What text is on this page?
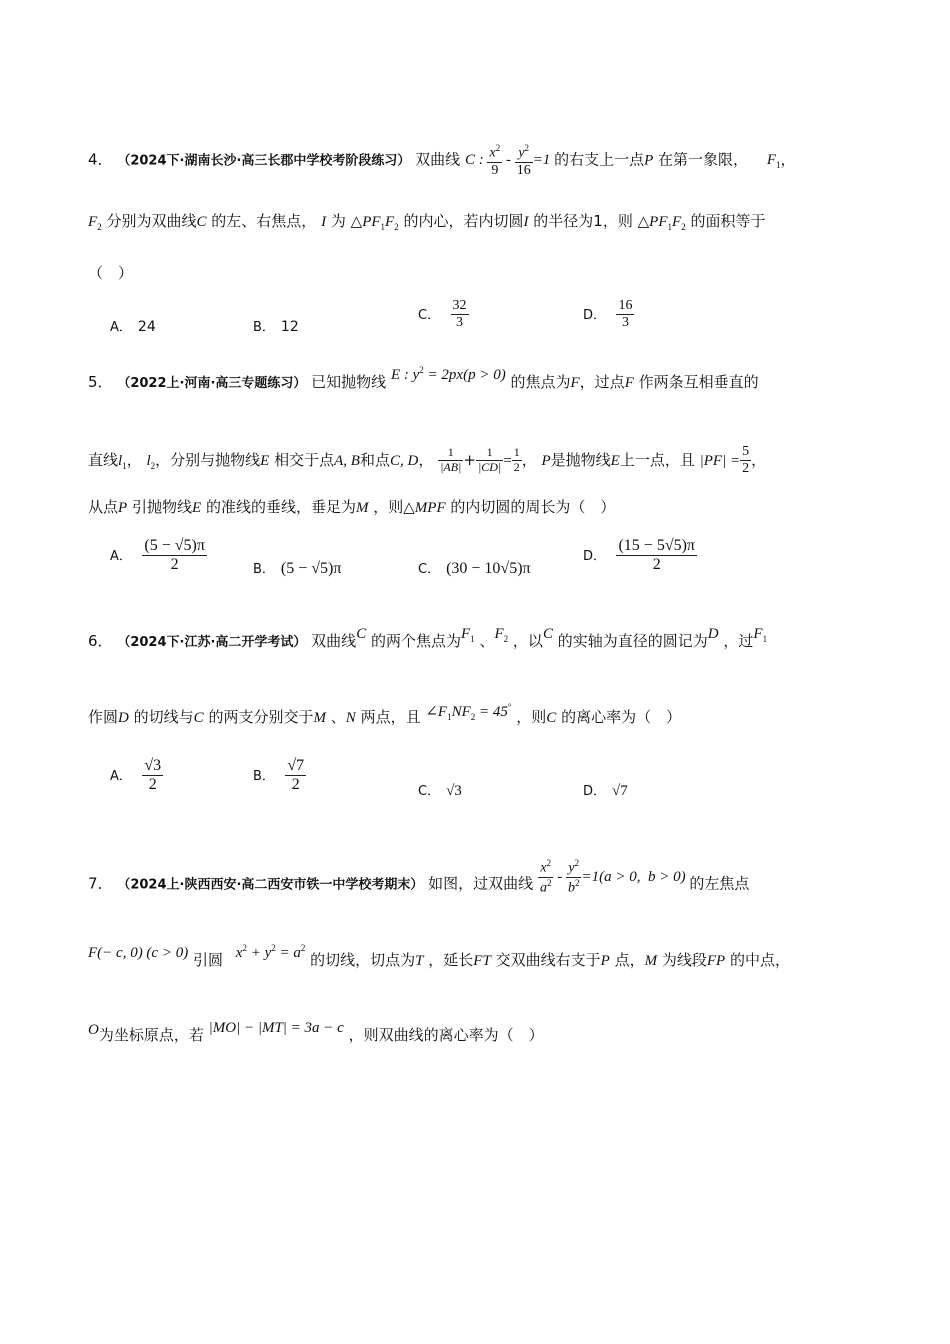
4． （2024下·湖南长沙·高三长郡中学校考阶段练习） 双曲线 C : $\frac{x^2}{9} - \frac{y^2}{16} =1$ 的右支上一点P 在第一象限， $F_1$，
$F_2$ 分别为双曲线C 的左、右焦点， I 为 $\triangle PF_1F_2$ 的内心，若内切圆I 的半径为1，则 $\triangle PF_1F_2$ 的面积等于
（　）
A． 24	B． 12
C． $\frac{32}{3}$	D． $\frac{16}{3}$
5． （2022上·河南·高三专题练习） 已知抛物线 E : $y^2 = 2px(p > 0)$ 的焦点为F，过点F 作两条互相垂直的
直线$l_1$， $l_2$，分别与抛物线E 相交于点A, B和点C, D， $\frac{1}{|AB|} + \frac{1}{|CD|} = \frac{1}{2}$ ， P是抛物线E上一点，且 $|PF| = \frac{5}{2}$ ，
从点P 引抛物线E 的准线的垂线，垂足为M ，则△MPF 的内切圆的周长为（　）
A． $\frac{(5 - √5)\pi}{2}$	B． (5 − √5)π	C． (30 − 10√5)π
D． $\frac{(15 - 5√5)\pi}{2}$
6． （2024下·江苏·高二开学考试） 双曲线C 的两个焦点为$F_1$ 、$F_2$ ，以C 的实轴为直径的圆记为D ，过$F_1$
作圆D 的切线与C 的两支分别交于M 、N 两点，且 $\angle F_1NF_2 = 45^\circ$ ，则C 的离心率为（　）
A． $\frac{√3}{2}$	B． $\frac{√7}{2}$	C． √3	D． √7
7． （2024上·陕西西安·高二西安市铁一中学校考期末） 如图，过双曲线 $\frac{x^2}{a^2} - \frac{y^2}{b^2} =1(a > 0$,  b > 0) 的左焦点
F(− c, 0) (c > 0) 引圆 $x^2 + y^2 = a^2$ 的切线，切点为T ，延长FT 交双曲线右支于P 点，M 为线段FP 的中点，
O为坐标原点，若 |MO| − |MT| = 3a − c ，则双曲线的离心率为（　）
